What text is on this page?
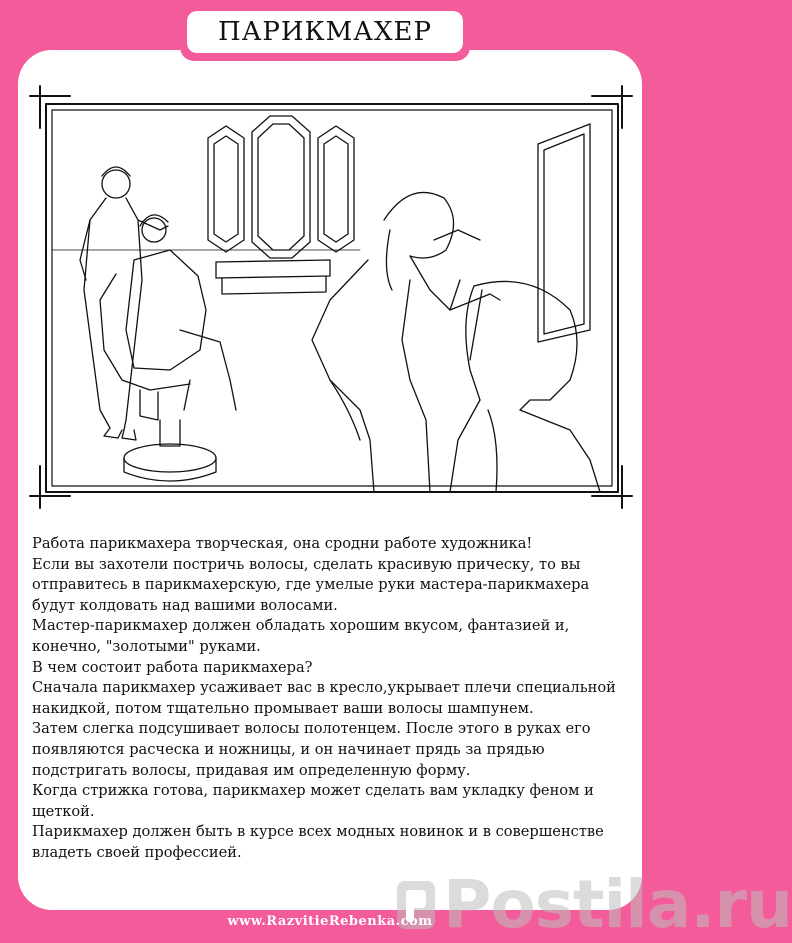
ПАРИКМАХЕР

Работа парикмахера творческая, она сродни работе художника!

Если вы захотели постричь волосы, сделать красивую прическу, то вы

отправитесь в парикмахерскую, где умелые руки мастера-парикмахера

будут колдовать над вашими волосами.

Мастер-парикмахер должен обладать хорошим вкусом, фантазией и,

конечно, "золотыми" руками.

В чем состоит работа парикмахера?

Сначала парикмахер усаживает вас в кресло,укрывает плечи специальной

накидкой, потом тщательно промывает ваши волосы шампунем.

Затем слегка подсушивает волосы полотенцем. После этого в руках его

появляются расческа и ножницы, и он начинает прядь за прядью

подстригать волосы, придавая им определенную форму.

Когда стрижка готова, парикмахер может сделать вам укладку феном и

щеткой.

Парикмахер должен быть в курсе всех модных новинок и в совершенстве

владеть своей профессией.

Postila.ru
www.RazvitieRebenka.com
